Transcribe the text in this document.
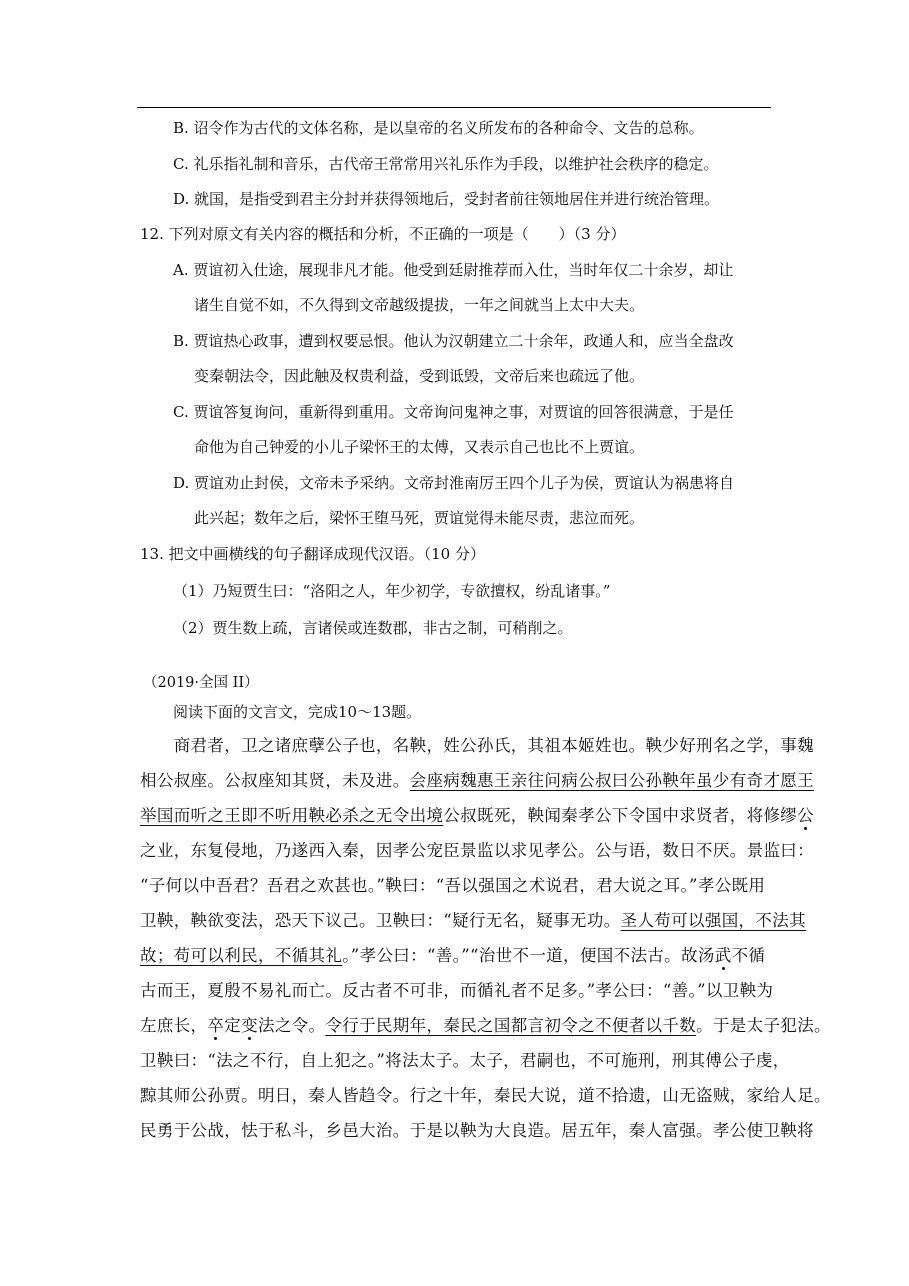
B. 诏令作为古代的文体名称，是以皇帝的名义所发布的各种命令、文告的总称。
C. 礼乐指礼制和音乐，古代帝王常常用兴礼乐作为手段，以维护社会秩序的稳定。
D. 就国，是指受到君主分封并获得领地后，受封者前往领地居住并进行统治管理。
12. 下列对原文有关内容的概括和分析，不正确的一项是（　　）（3 分）
A. 贾谊初入仕途，展现非凡才能。他受到廷尉推荐而入仕，当时年仅二十余岁，却让
诸生自觉不如，不久得到文帝越级提拔，一年之间就当上太中大夫。
B. 贾谊热心政事，遭到权要忌恨。他认为汉朝建立二十余年，政通人和，应当全盘改
变秦朝法令，因此触及权贵利益，受到诋毁，文帝后来也疏远了他。
C. 贾谊答复询问，重新得到重用。文帝询问鬼神之事，对贾谊的回答很满意，于是任
命他为自己钟爱的小儿子梁怀王的太傅，又表示自己也比不上贾谊。
D. 贾谊劝止封侯，文帝未予采纳。文帝封淮南厉王四个儿子为侯，贾谊认为祸患将自
此兴起；数年之后，梁怀王堕马死，贾谊觉得未能尽责，悲泣而死。
13. 把文中画横线的句子翻译成现代汉语。（10 分）
（1）乃短贾生曰：“洛阳之人，年少初学，专欲擅权，纷乱诸事。”
（2）贾生数上疏，言诸侯或连数郡，非古之制，可稍削之。
（2019·全国 II）
阅读下面的文言文，完成10～13题。
　　商君者，卫之诸庶孽公子也，名鞅，姓公孙氏，其祖本姬姓也。鞅少好刑名之学，事魏
相公叔座。公叔座知其贤，未及进。会座病魏惠王亲往问病公叔曰公孙鞅年虽少有奇才愿王
举国而听之王即不听用鞅必杀之无令出境公叔既死，鞅闻秦孝公下令国中求贤者，将修缪公
之业，东复侵地，乃遂西入秦，因孝公宠臣景监以求见孝公。公与语，数日不厌。景监曰：
“子何以中吾君？吾君之欢甚也。”鞅曰：“吾以强国之术说君，君大说之耳。”孝公既用
卫鞅，鞅欲变法，恐天下议己。卫鞅曰：“疑行无名，疑事无功。圣人苟可以强国，不法其
故；苟可以利民，不循其礼。”孝公曰：“善。”“治世不一道，便国不法古。故汤武不循
古而王，夏殷不易礼而亡。反古者不可非，而循礼者不足多。”孝公曰：“善。”以卫鞅为
左庶长，卒定变法之令。令行于民期年，秦民之国都言初令之不便者以千数。于是太子犯法。
卫鞅曰：“法之不行，自上犯之。”将法太子。太子，君嗣也，不可施刑，刑其傅公子虔，
黥其师公孙贾。明日，秦人皆趋令。行之十年，秦民大说，道不拾遗，山无盗贼，家给人足。
民勇于公战，怯于私斗，乡邑大治。于是以鞅为大良造。居五年，秦人富强。孝公使卫鞅将
